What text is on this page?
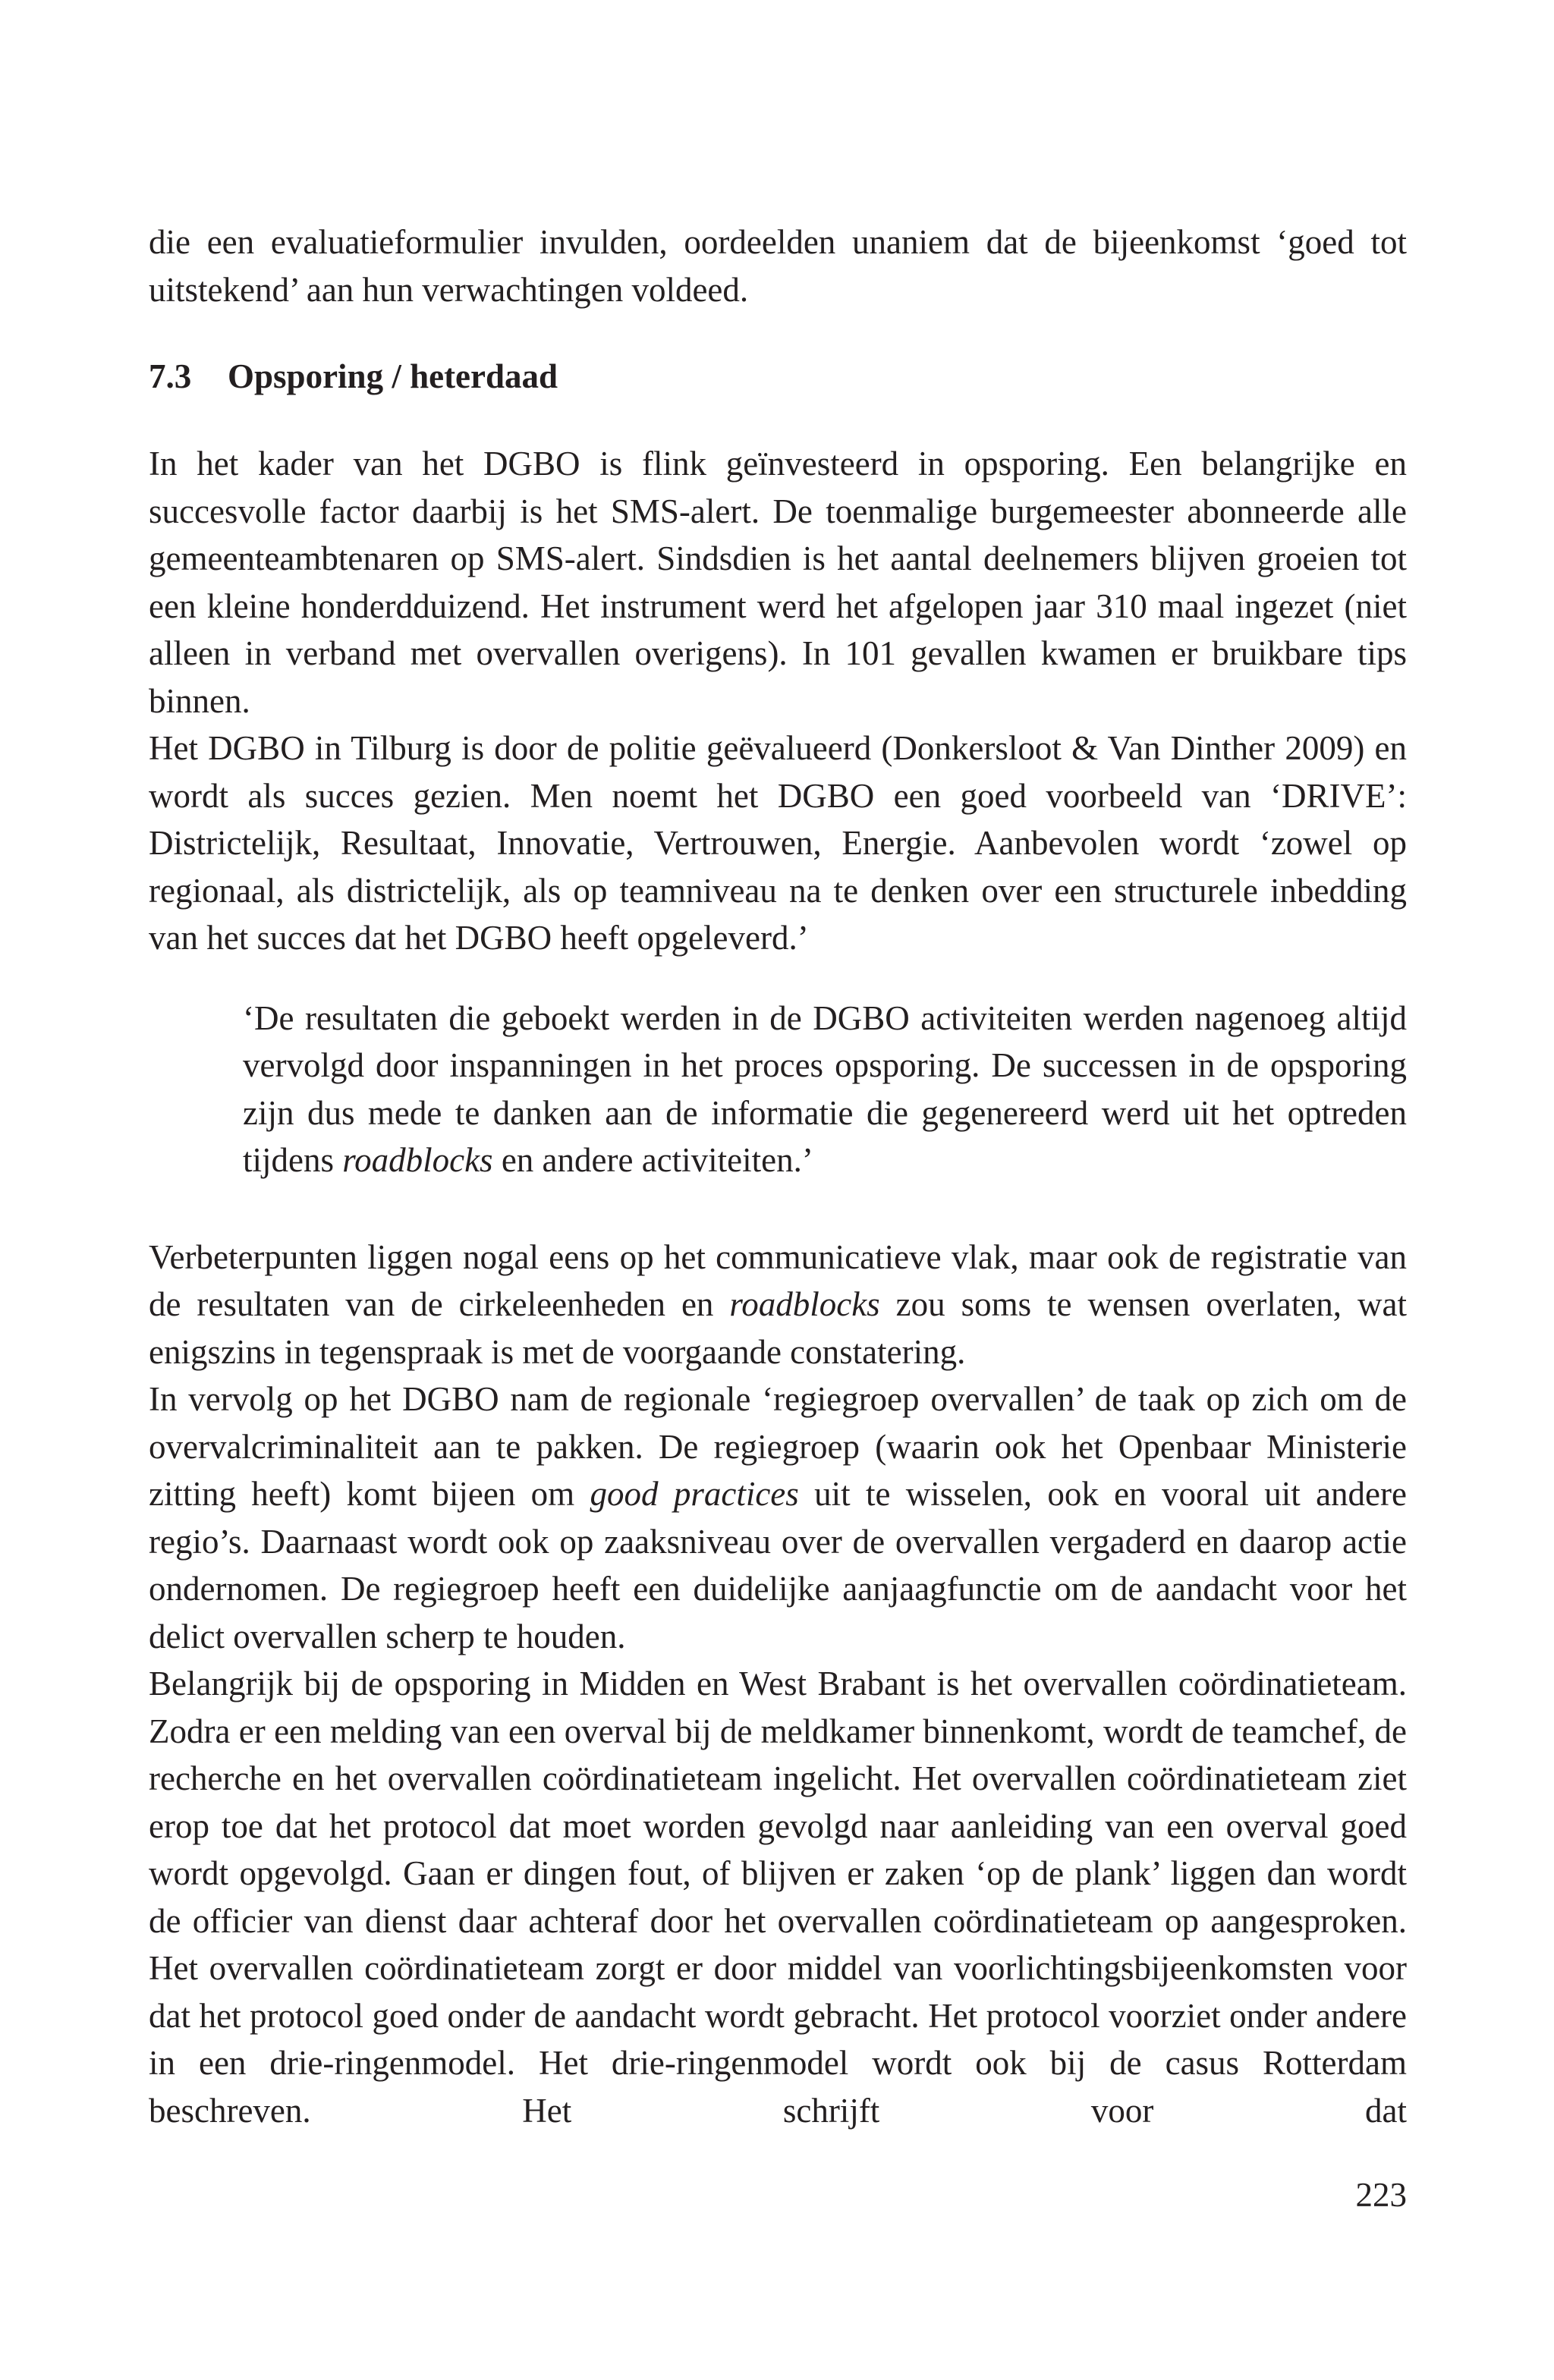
die een evaluatieformulier invulden, oordeelden unaniem dat de bijeenkomst ‘goed tot

uitstekend’ aan hun verwachtingen voldeed.

7.3 Opsporing / heterdaad

In het kader van het DGBO is flink geïnvesteerd in opsporing. Een belangrijke en succesvolle factor daarbij is het SMS-alert. De toenmalige burgemeester abonneerde alle gemeenteambtenaren op SMS-alert. Sindsdien is het aantal deelnemers blijven groeien tot een kleine honderdduizend. Het instrument werd het afgelopen jaar 310 maal ingezet (niet alleen in verband met overvallen overigens). In 101 gevallen kwamen er bruikbare tips binnen.

Het DGBO in Tilburg is door de politie geëvalueerd (Donkersloot & Van Dinther 2009) en wordt als succes gezien. Men noemt het DGBO een goed voorbeeld van ‘DRIVE’: Districtelijk, Resultaat, Innovatie, Vertrouwen, Energie. Aanbevolen wordt ‘zowel op regionaal, als districtelijk, als op teamniveau na te denken over een structurele inbedding van het succes dat het DGBO heeft opgeleverd.’

‘De resultaten die geboekt werden in de DGBO activiteiten werden nagenoeg altijd vervolgd door inspanningen in het proces opsporing. De successen in de opsporing zijn dus mede te danken aan de informatie die gegenereerd werd uit het optreden tijdens roadblocks en andere activiteiten.’

Verbeterpunten liggen nogal eens op het communicatieve vlak, maar ook de registratie van de resultaten van de cirkeleenheden en roadblocks zou soms te wensen overlaten, wat enigszins in tegenspraak is met de voorgaande constatering.

In vervolg op het DGBO nam de regionale ‘regiegroep overvallen’ de taak op zich om de overvalcriminaliteit aan te pakken. De regiegroep (waarin ook het Openbaar Ministerie zitting heeft) komt bijeen om good practices uit te wisselen, ook en vooral uit andere regio’s. Daarnaast wordt ook op zaaksniveau over de overvallen vergaderd en daarop actie ondernomen. De regiegroep heeft een duidelijke aanjaagfunctie om de aandacht voor het delict overvallen scherp te houden.

Belangrijk bij de opsporing in Midden en West Brabant is het overvallen coördinatieteam. Zodra er een melding van een overval bij de meldkamer binnenkomt, wordt de teamchef, de recherche en het overvallen coördinatieteam ingelicht. Het overvallen coördinatieteam ziet erop toe dat het protocol dat moet worden gevolgd naar aanleiding van een overval goed wordt opgevolgd. Gaan er dingen fout, of blijven er zaken ‘op de plank’ liggen dan wordt de officier van dienst daar achteraf door het overvallen coördinatieteam op aangesproken. Het overvallen coördinatieteam zorgt er door middel van voorlichtingsbijeenkomsten voor dat het protocol goed onder de aandacht wordt gebracht. Het protocol voorziet onder andere in een drie-ringenmodel. Het drie-ringenmodel wordt ook bij de casus Rotterdam beschreven. Het schrijft voor dat

223
